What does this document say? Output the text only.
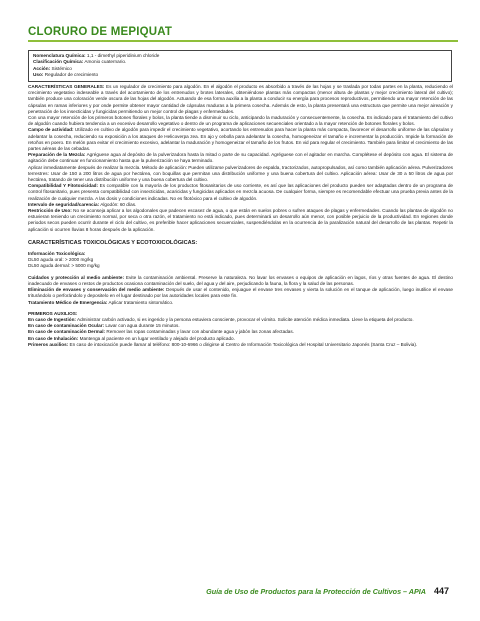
CLORURO DE MEPIQUAT
Nomenclatura Química: 1,1 - dimethyl piperidinium chloride
Clasificación Química: Amonio cuaternario.
Acción: Sistémico
Uso: Regulador de crecimiento

CARACTERÍSTICAS GENERALES: Es un regulador de crecimiento para algodón. En el algodón el producto es absorbido a través de las hojas y se traslada por todas partes en la planta, reduciendo el crecimiento vegetativo indeseable a través del acortamiento de los entrenudos y brotes laterales, obteniéndose plantas más compactas (menor altura de plantas y mejor crecimiento lateral del cultivo); también produce una coloración verde oscura de las hojas del algodón. Actuando de esa forma auxilia a la planta a conducir su energía para procesos reproductivos, permitiendo una mayor retención de las cápsulas en ramas inferiores y por onde permite obtener mayor cantidad de cápsulas maduras a la primera cosecha. Además de esto, la planta presentará una estructura que permite una mejor aireación y penetración de los insecticidas y fungicidas permitiendo un mejor control de plagas y enfermedades.

Con una mayor retención de los primeros botones florales y bolos, la planta tiende a disminuir su ciclo, anticipando la maduración y consecuentemente, la cosecha. Es indicado para el tratamiento del cultivo de algodón cuando hubiera tendencia a un excesivo desarrollo vegetativo o dentro de un programa de aplicaciones secuenciales orientado a la mayor retención de botones florales y bolos.

Campo de actividad: Utilizado en cultivo de algodón para impedir el crecimiento vegetativo, acortando los entrenudos para hacer la planta más compacta, favorecer el desarrollo uniforme de las cápsulas y adelantar la cosecha, reduciendo su exposición a los ataques de Helicoverpa zea. En ajo y cebolla para adelantar la cosecha, homogeneizar el tamaño e incrementar la producción. Impide la formación de retoños en poero. En melón para evitar el crecimiento excesivo, adelantar la maduración y homogeneizar el tamaño de los frutos. En vid para regular el crecimiento. También para limitar el crecimiento de las partes aéreas de las cebadas.

Preparación de la Mezcla: Agréguese agua al depósito de la pulverizadora hasta la mitad o parte de su capacidad. Agréguese con el agitador en marcha. Complétese el depósito con agua. El sistema de agitación debe continuar en funcionamiento hasta que la pulverización se haya terminado.

Aplicar inmediatamente después de realizar la mezcla. Método de aplicación: Pueden utilizarse pulverizadores de espalda, tractorizados, autopropulsados, así como también aplicación aérea. Pulverizadores terrestres: Usar de 150 a 200 litros de agua por hectárea, con boquillas que permitan una distribución uniforme y una buena cobertura del cultivo. Aplicación aérea: Usar de 30 a 50 litros de agua por hectárea, tratando de tener una distribución uniforme y una buena cobertura del cultivo.

Compatibilidad Y Fitotoxicidad: Es compatible con la mayoría de los productos fitosanitarios de uso corriente, es así que las aplicaciones del producto pueden ser adaptadas dentro de un programa de control fitosanitario, pues presenta compatibilidad con insecticidas, acaricidas y fungicidas aplicados en mezcla acuosa. De cualquier forma, siempre es recomendable efectuar una prueba previa antes de la realización de cualquier mezcla. A las dosis y condiciones indicadas. No es fitotóxico para el cultivo de algodón.

Intervalo de seguridad/carencia: Algodón: 60 días.

Restricción de Uso: No se aconseja aplicar a los algodonales que padecen escasez de agua, o que están en suelos pobres o sufren ataques de plagas y enfermedades. Cuando las plantas de algodón no estuvieran teniendo un crecimiento normal, por seca o otra razón, el tratamiento no está indicado, pues determinará un desarrollo aún menor, con posible perjuicio de la productividad. En regiones donde periodos secos pueden ocurrir durante el ciclo del cultivo, es preferible hacer aplicaciones secuenciales, suspendiéndolas en la ocurrencia de la paralización natural del desarrollo de las plantas. Repetir la aplicación si ocurren lluvias 8 horas después de la aplicación.

CARACTERÍSTICAS TOXICOLÓGICAS Y ECOTOXICOLÓGICAS:

Información Toxicológica:

DL50 aguda oral: > 2000 mg/kg

DL50 aguda dermal: > 5000 mg/kg

Cuidados y protección al medio ambiente: Evite la contaminación ambiental. Preserve la naturaleza. No lavar los envases o equipos de aplicación en lagos, ríos y otras fuentes de agua. El destino inadecuado de envases o restos de productos ocasiona contaminación del suelo, del agua y del aire, perjudicando la fauna, la flora y la salud de las personas.

Eliminación de envases y conservación del medio ambiente: Después de usar el contenido, enjuague el envase tres envases y vierta la solución en el tanque de aplicación, luego inutilice el envase triturándolo o perforándolo y depositelo en el lugar destinado por las autoridades locales para este fin.

Tratamiento Médico de Emergencia: Aplicar tratamiento sintomático.

PRIMEROS AUXILIOS:

En caso de Ingestión: Administrar carbón activado, si es ingerido y la persona estuviera consciente, provocar el vómito. Solicite atención médica inmediata. Lleve la etiqueta del producto.

En caso de contaminación Ocular: Lavar con agua durante 15 minutos.

En caso de contaminación Dermal: Remover las ropas contaminadas y lavar con abundante agua y jabón las zonas afectadas.

En caso de Inhalación: Mantenga al paciente en un lugar ventilado y alejado del producto aplicado.

Primeros auxilios: En caso de intoxicación puede llamar al teléfono: 800-10-6966 o dirigirse al Centro de Información Toxicológica del Hospital Universitario Japonés (Santa Cruz – Bolivia).

Guía de Uso de Productos para la Protección de Cultivos – APIA 447
